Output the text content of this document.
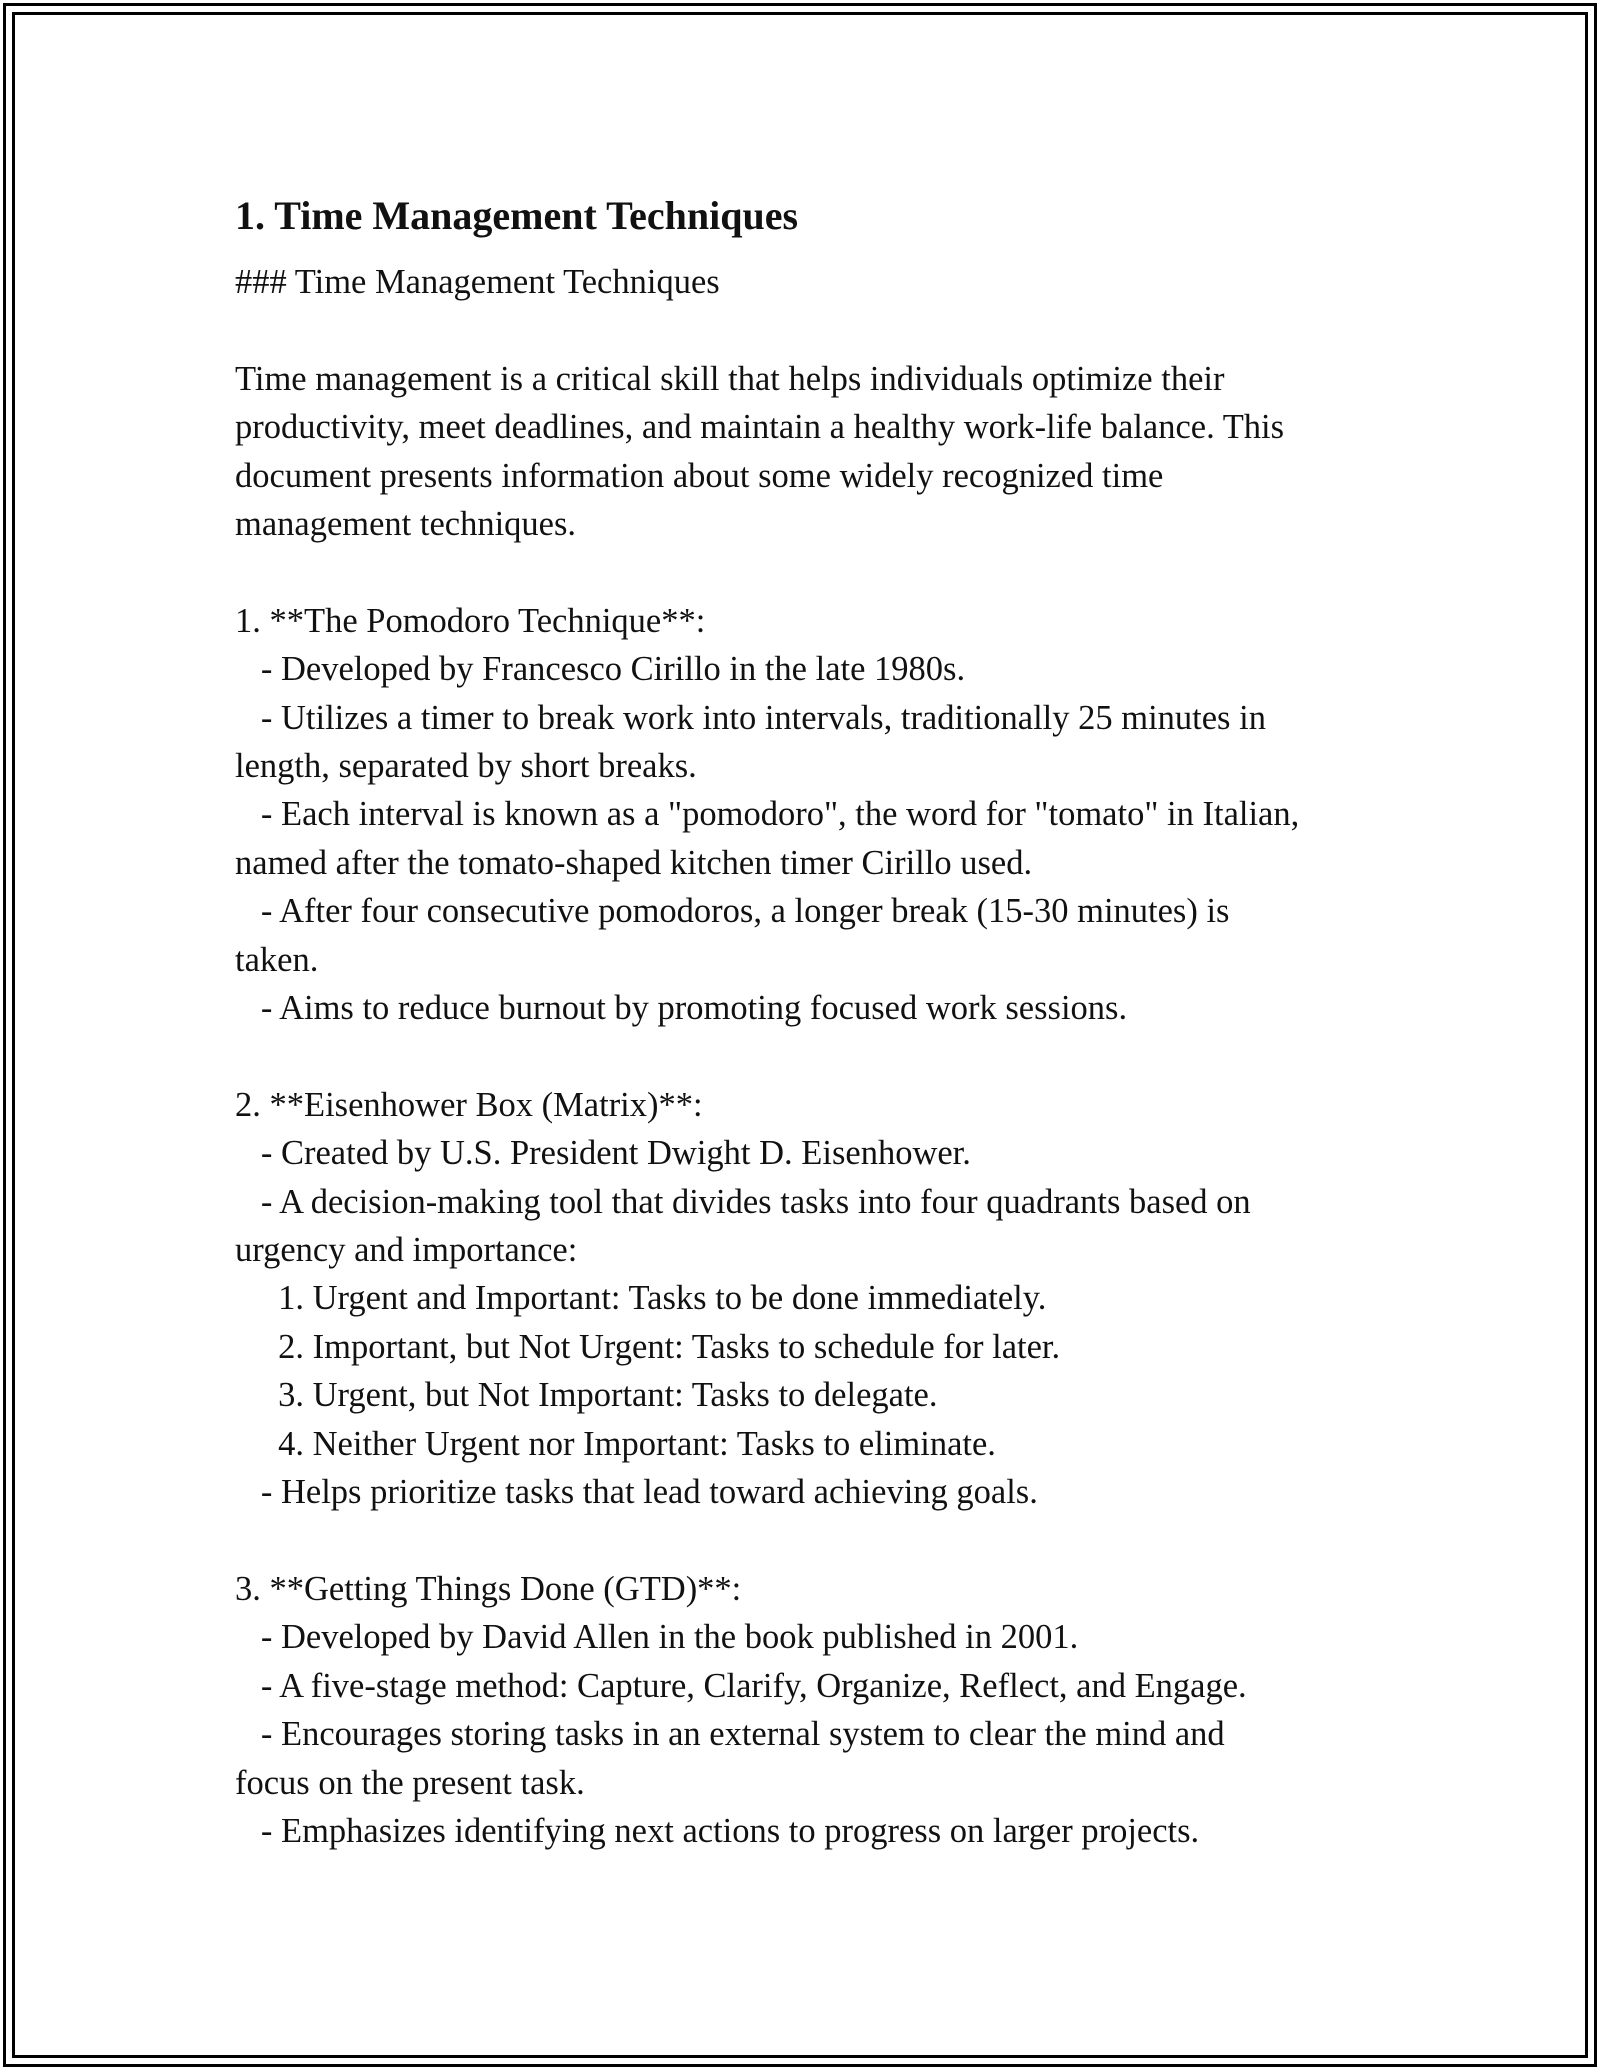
1. Time Management Techniques

### Time Management Techniques

Time management is a critical skill that helps individuals optimize their

productivity, meet deadlines, and maintain a healthy work-life balance. This

document presents information about some widely recognized time

management techniques.

1. **The Pomodoro Technique**:

- Developed by Francesco Cirillo in the late 1980s.

- Utilizes a timer to break work into intervals, traditionally 25 minutes in

length, separated by short breaks.

- Each interval is known as a "pomodoro", the word for "tomato" in Italian,

named after the tomato-shaped kitchen timer Cirillo used.

- After four consecutive pomodoros, a longer break (15-30 minutes) is

taken.

- Aims to reduce burnout by promoting focused work sessions.

2. **Eisenhower Box (Matrix)**:

- Created by U.S. President Dwight D. Eisenhower.

- A decision-making tool that divides tasks into four quadrants based on

urgency and importance:

1. Urgent and Important: Tasks to be done immediately.

2. Important, but Not Urgent: Tasks to schedule for later.

3. Urgent, but Not Important: Tasks to delegate.

4. Neither Urgent nor Important: Tasks to eliminate.

- Helps prioritize tasks that lead toward achieving goals.

3. **Getting Things Done (GTD)**:

- Developed by David Allen in the book published in 2001.

- A five-stage method: Capture, Clarify, Organize, Reflect, and Engage.

- Encourages storing tasks in an external system to clear the mind and

focus on the present task.

- Emphasizes identifying next actions to progress on larger projects.
